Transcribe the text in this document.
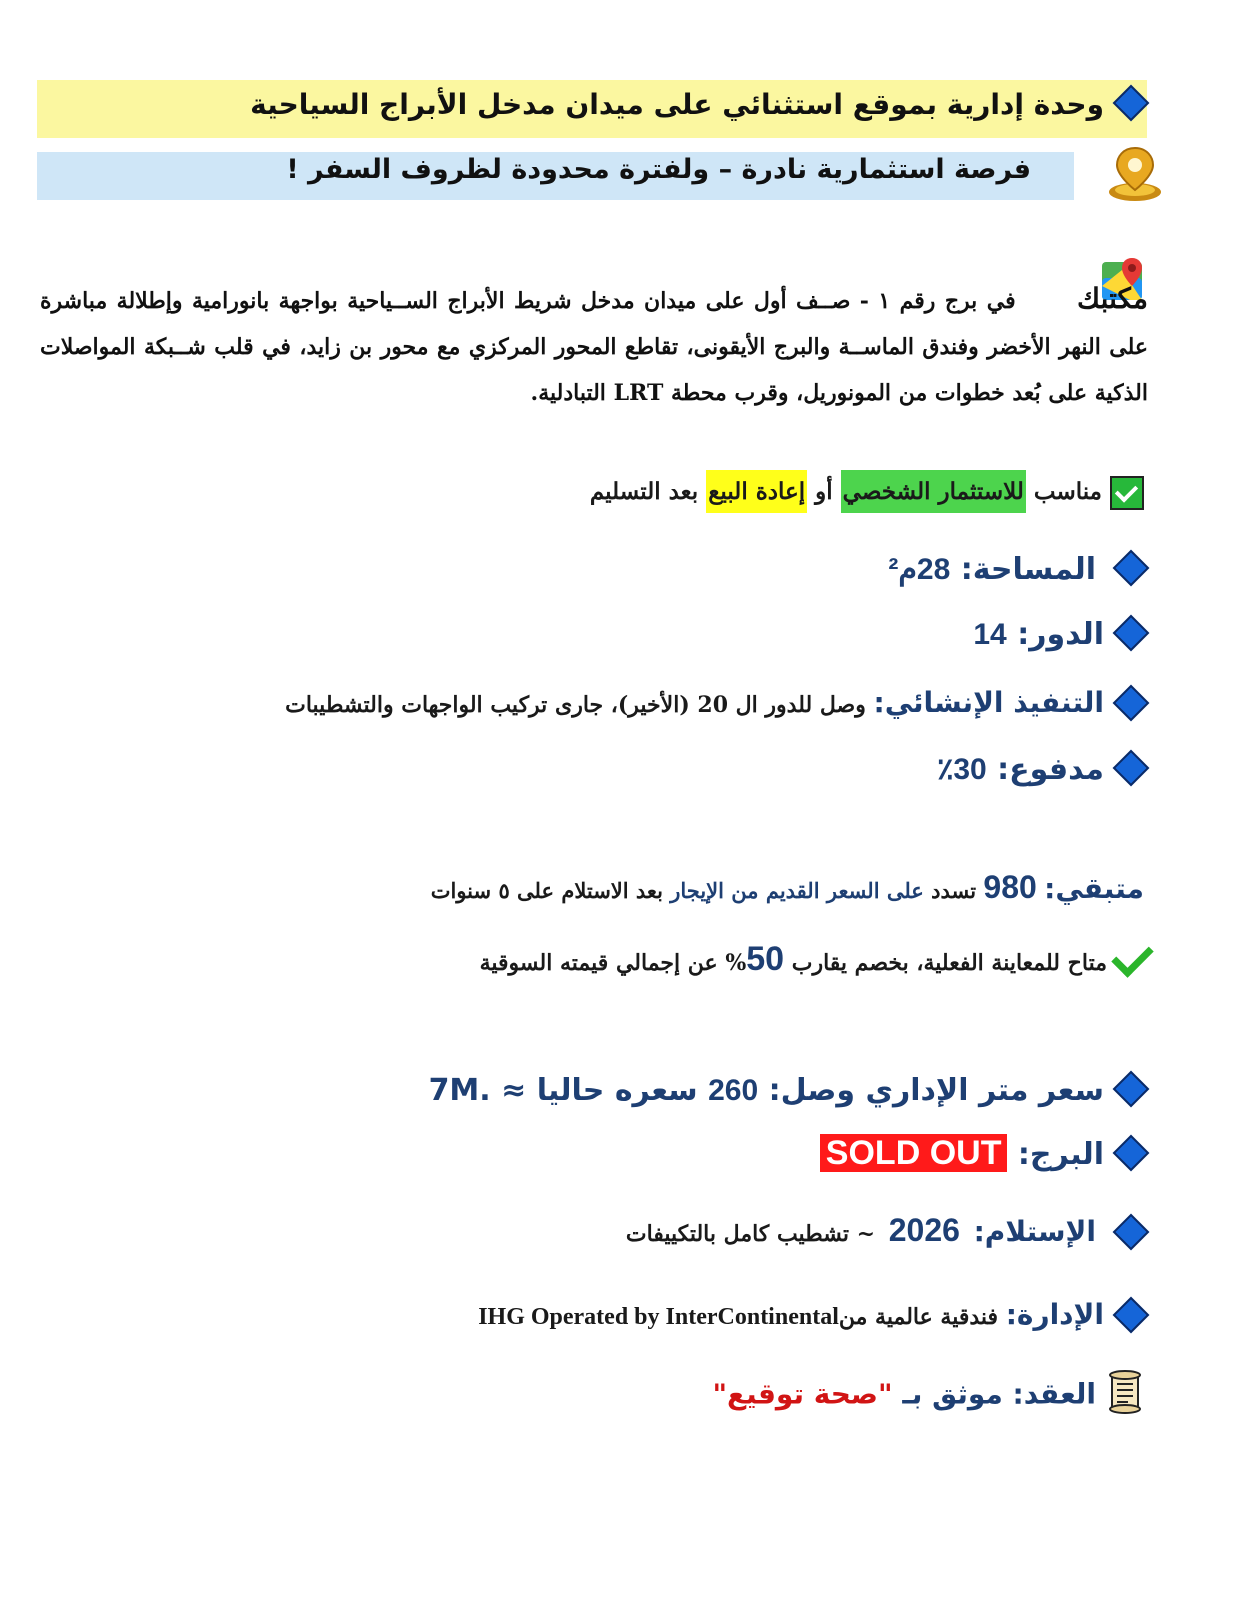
وحدة إدارية بموقع استثنائي على ميدان مدخل الأبراج السياحية
فرصة استثمارية نادرة – ولفترة محدودة لظروف السفر !
مكتبك في برج رقم ١ - صــف أول على ميدان مدخل شريط الأبراج الســياحية بواجهة بانورامية وإطلالة مباشرة على النهر الأخضر وفندق الماســة والبرج الأيقونى، تقاطع المحور المركزي مع محور بن زايد، في قلب شــبكة المواصلات الذكية على بُعد خطوات من المونوريل، وقرب محطة LRT التبادلية.
مناسب للاستثمار الشخصي أو إعادة البيع بعد التسليم
المساحة: 28م²
الدور: 14
التنفيذ الإنشائي: وصل للدور ال 20 (الأخير)، جارى تركيب الواجهات والتشطيبات
مدفوع: 30٪
متبقي: 980 تسدد على السعر القديم من الإيجار بعد الاستلام على ٥ سنوات
متاح للمعاينة الفعلية، بخصم يقارب 50% عن إجمالي قيمته السوقية
سعر متر الإداري وصل: 260 سعره حاليا ≈ .7M
البرج: SOLD OUT
الإستلام: 2026 ~ تشطيب كامل بالتكييفات
الإدارة: فندقية عالمية منIHG Operated by InterContinental
العقد: موثق بـ "صحة توقيع"
